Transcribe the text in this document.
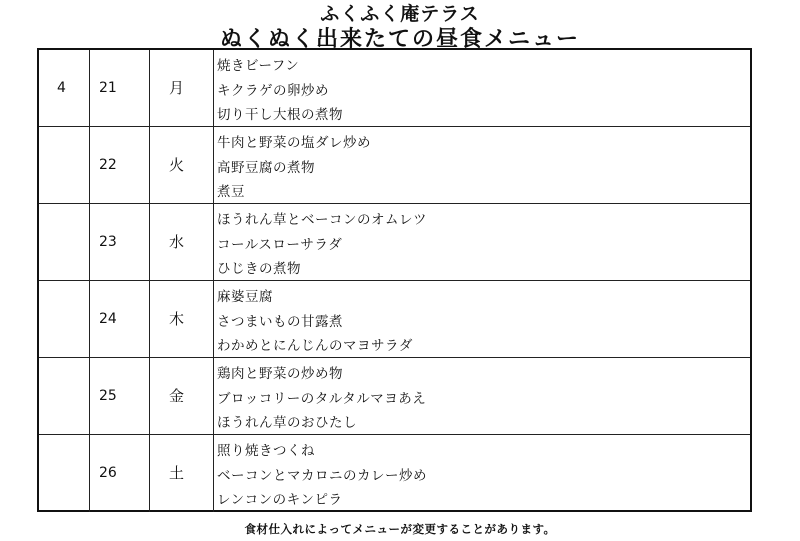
ふくふく庵テラス
ぬくぬく出来たての昼食メニュー
4 21	月
焼きビーフン
キクラゲの卵炒め
切り干し大根の煮物
22	火
牛肉と野菜の塩ダレ炒め
高野豆腐の煮物
煮豆
23	水
ほうれん草とベーコンのオムレツ
コールスローサラダ
ひじきの煮物
24	木
麻婆豆腐
さつまいもの甘露煮
わかめとにんじんのマヨサラダ
25	金
鶏肉と野菜の炒め物
ブロッコリーのタルタルマヨあえ
ほうれん草のおひたし
26	土
照り焼きつくね
ベーコンとマカロニのカレー炒め
レンコンのキンピラ
食材仕入れによってメニューが変更することがあります。
